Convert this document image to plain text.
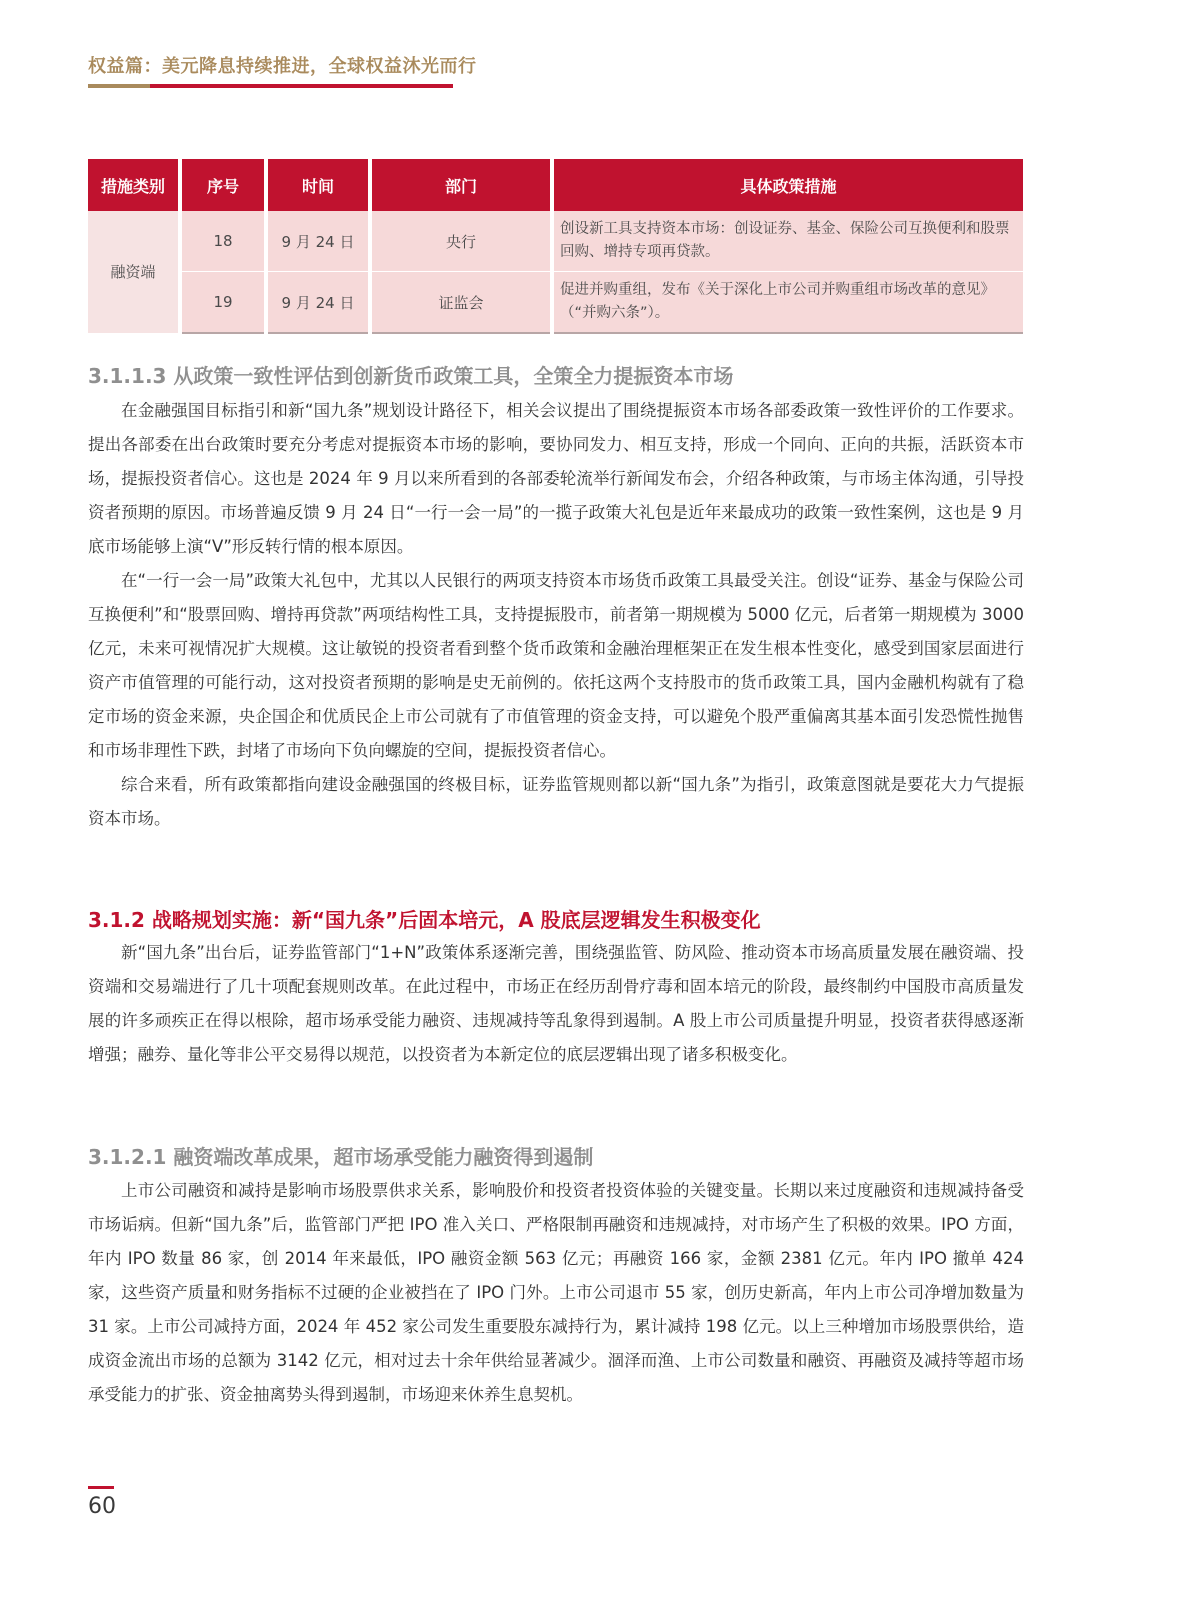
权益篇：美元降息持续推进，全球权益沐光而行
措施类别	序号	时间	部门	具体政策措施
融资端	18	9 月 24 日	央行	创设新工具支持资本市场：创设证券、基金、保险公司互换便利和股票回购、增持专项再贷款。
	19	9 月 24 日	证监会	促进并购重组，发布《关于深化上市公司并购重组市场改革的意见》（“并购六条”）。
3.1.1.3 从政策一致性评估到创新货币政策工具，全策全力提振资本市场

在金融强国目标指引和新“国九条”规划设计路径下，相关会议提出了围绕提振资本市场各部委政策一致性评价的工作要求。提出各部委在出台政策时要充分考虑对提振资本市场的影响，要协同发力、相互支持，形成一个同向、正向的共振，活跃资本市场，提振投资者信心。这也是 2024 年 9 月以来所看到的各部委轮流举行新闻发布会，介绍各种政策，与市场主体沟通，引导投资者预期的原因。市场普遍反馈 9 月 24 日“一行一会一局”的一揽子政策大礼包是近年来最成功的政策一致性案例，这也是 9 月底市场能够上演“V”形反转行情的根本原因。

在“一行一会一局”政策大礼包中，尤其以人民银行的两项支持资本市场货币政策工具最受关注。创设“证券、基金与保险公司互换便利”和“股票回购、增持再贷款”两项结构性工具，支持提振股市，前者第一期规模为 5000 亿元，后者第一期规模为 3000 亿元，未来可视情况扩大规模。这让敏锐的投资者看到整个货币政策和金融治理框架正在发生根本性变化，感受到国家层面进行资产市值管理的可能行动，这对投资者预期的影响是史无前例的。依托这两个支持股市的货币政策工具，国内金融机构就有了稳定市场的资金来源，央企国企和优质民企上市公司就有了市值管理的资金支持，可以避免个股严重偏离其基本面引发恐慌性抛售和市场非理性下跌，封堵了市场向下负向螺旋的空间，提振投资者信心。

综合来看，所有政策都指向建设金融强国的终极目标，证券监管规则都以新“国九条”为指引，政策意图就是要花大力气提振资本市场。

3.1.2 战略规划实施：新“国九条”后固本培元，A 股底层逻辑发生积极变化

新“国九条”出台后，证券监管部门“1+N”政策体系逐渐完善，围绕强监管、防风险、推动资本市场高质量发展在融资端、投资端和交易端进行了几十项配套规则改革。在此过程中，市场正在经历刮骨疗毒和固本培元的阶段，最终制约中国股市高质量发展的许多顽疾正在得以根除，超市场承受能力融资、违规减持等乱象得到遏制。A 股上市公司质量提升明显，投资者获得感逐渐增强；融券、量化等非公平交易得以规范，以投资者为本新定位的底层逻辑出现了诸多积极变化。

3.1.2.1 融资端改革成果，超市场承受能力融资得到遏制

上市公司融资和减持是影响市场股票供求关系，影响股价和投资者投资体验的关键变量。长期以来过度融资和违规减持备受市场诟病。但新“国九条”后，监管部门严把 IPO 准入关口、严格限制再融资和违规减持，对市场产生了积极的效果。IPO 方面，年内 IPO 数量 86 家，创 2014 年来最低，IPO 融资金额 563 亿元；再融资 166 家，金额 2381 亿元。年内 IPO 撤单 424 家，这些资产质量和财务指标不过硬的企业被挡在了 IPO 门外。上市公司退市 55 家，创历史新高，年内上市公司净增加数量为 31 家。上市公司减持方面，2024 年 452 家公司发生重要股东减持行为，累计减持 198 亿元。以上三种增加市场股票供给，造成资金流出市场的总额为 3142 亿元，相对过去十余年供给显著减少。涸泽而渔、上市公司数量和融资、再融资及减持等超市场承受能力的扩张、资金抽离势头得到遏制，市场迎来休养生息契机。

60
